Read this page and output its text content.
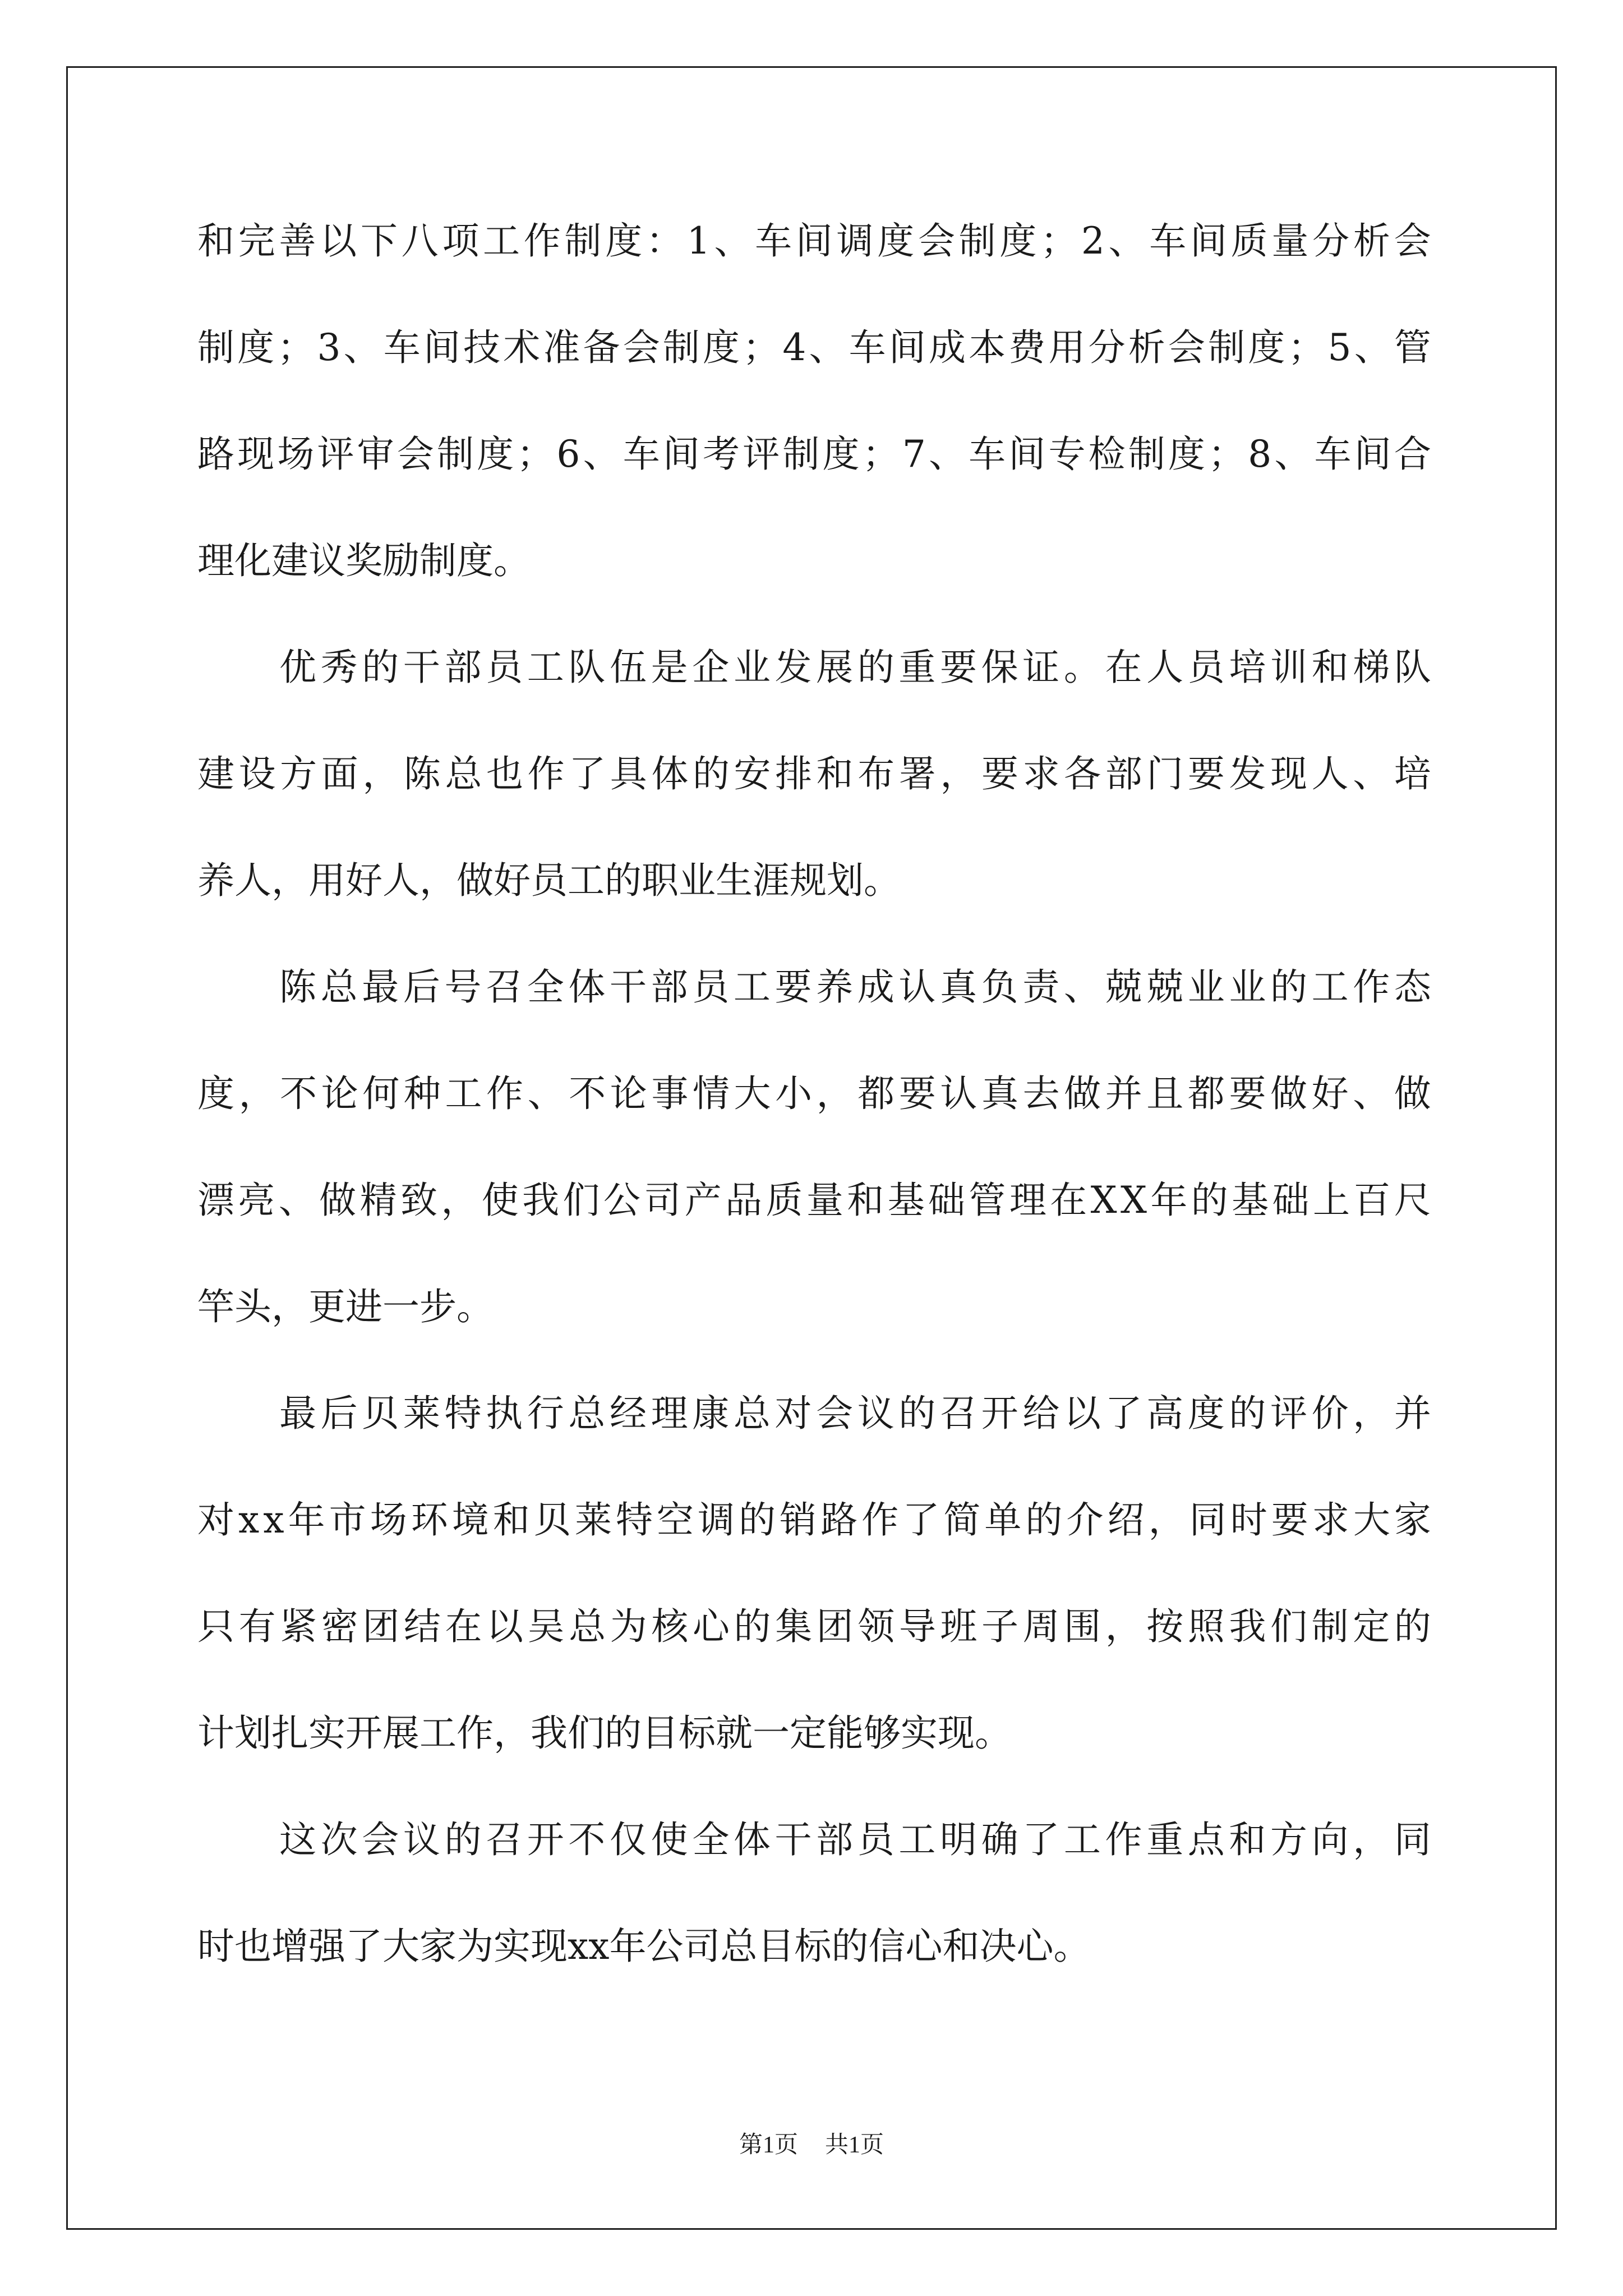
和 完 善 以 下 八 项 工 作 制 度 ： 1 、 车 间 调 度 会 制 度 ； 2 、 车 间 质 量 分 析 会
制 度 ； 3 、 车 间 技 术 准 备 会 制 度 ； 4 、 车 间 成 本 费 用 分 析 会 制 度 ； 5 、 管
路 现 场 评 审 会 制 度 ； 6 、 车 间 考 评 制 度 ； 7 、 车 间 专 检 制 度 ； 8 、 车 间 合
理化建议奖励制度。
优 秀 的 干 部 员 工 队 伍 是 企 业 发 展 的 重 要 保 证 。 在 人 员 培 训 和 梯 队
建 设 方 面 ， 陈 总 也 作 了 具 体 的 安 排 和 布 署 ， 要 求 各 部 门 要 发 现 人 、 培
养人，用好人，做好员工的职业生涯规划。
陈 总 最 后 号 召 全 体 干 部 员 工 要 养 成 认 真 负 责 、 兢 兢 业 业 的 工 作 态
度 ， 不 论 何 种 工 作 、 不 论 事 情 大 小 ， 都 要 认 真 去 做 并 且 都 要 做 好 、 做
漂 亮 、 做 精 致 ， 使 我 们 公 司 产 品 质 量 和 基 础 管 理 在 X X 年 的 基 础 上 百 尺
竿头，更进一步。
最 后 贝 莱 特 执 行 总 经 理 康 总 对 会 议 的 召 开 给 以 了 高 度 的 评 价 ， 并
对 x x 年 市 场 环 境 和 贝 莱 特 空 调 的 销 路 作 了 简 单 的 介 绍 ， 同 时 要 求 大 家
只 有 紧 密 团 结 在 以 吴 总 为 核 心 的 集 团 领 导 班 子 周 围 ， 按 照 我 们 制 定 的
计划扎实开展工作，我们的目标就一定能够实现。
这 次 会 议 的 召 开 不 仅 使 全 体 干 部 员 工 明 确 了 工 作 重 点 和 方 向 ， 同
时也增强了大家为实现xx年公司总目标的信心和决心。
第1页 共1页
